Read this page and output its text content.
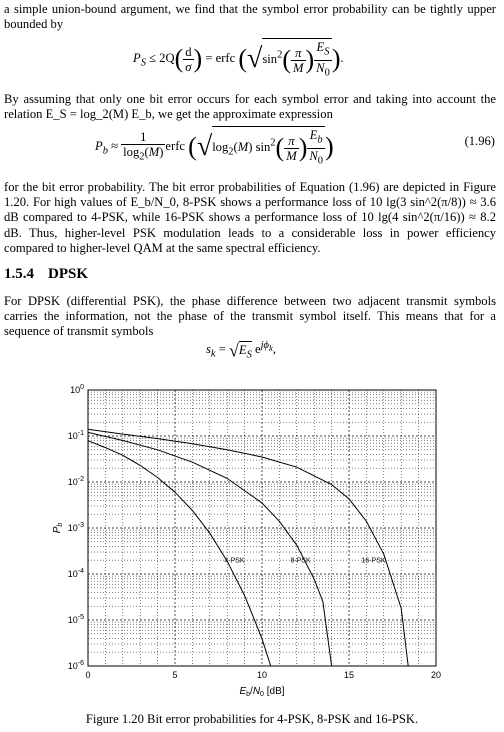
a simple union-bound argument, we find that the symbol error probability can be tightly upper bounded by

$P_S \le 2Q( \frac{d}{\sigma}$ ) = erfc ($√\sin^2( \frac{\pi}{M}$ ) $\frac{E_S}{N_0}$ ).

By assuming that only one bit error occurs for each symbol error and taking into account the relation E_S = log_2(M) E_b, we get the approximate expression

$P_b \approx \frac{1}{\log_2(M)}$ erfc ($√\log_2(M)$ $\sin^2( \frac{\pi}{M}$ ) $\frac{E_b}{N_0}$ )	(1.96)

for the bit error probability. The bit error probabilities of Equation (1.96) are depicted in Figure 1.20. For high values of E_b/N_0, 8-PSK shows a performance loss of 10 lg(3 sin^2(π/8)) ≈ 3.6 dB compared to 4-PSK, while 16-PSK shows a performance loss of 10 lg(4 sin^2(π/16)) ≈ 8.2 dB. Thus, higher-level PSK modulation leads to a considerable loss in power efficiency compared to higher-level QAM at the same spectral efficiency.

1.5.4 DPSK

For DPSK (differential PSK), the phase difference between two adjacent transmit symbols carries the information, not the phase of the transmit symbol itself. This means that for a sequence of transmit symbols

$s_k = √E_S$ $e^{j\phi_k}$,
$10^0$
$10^{-1}$
$10^{-2}$
$10^{-3}$
$10^{-4}$
$10^{-5}$
$10^{-6}$
0	5	10	15	20
$E_b/N_0$ [dB]
$P_b$
4-PSK	8-PSK	16-PSK
Figure 1.20 Bit error probabilities for 4-PSK, 8-PSK and 16-PSK.
